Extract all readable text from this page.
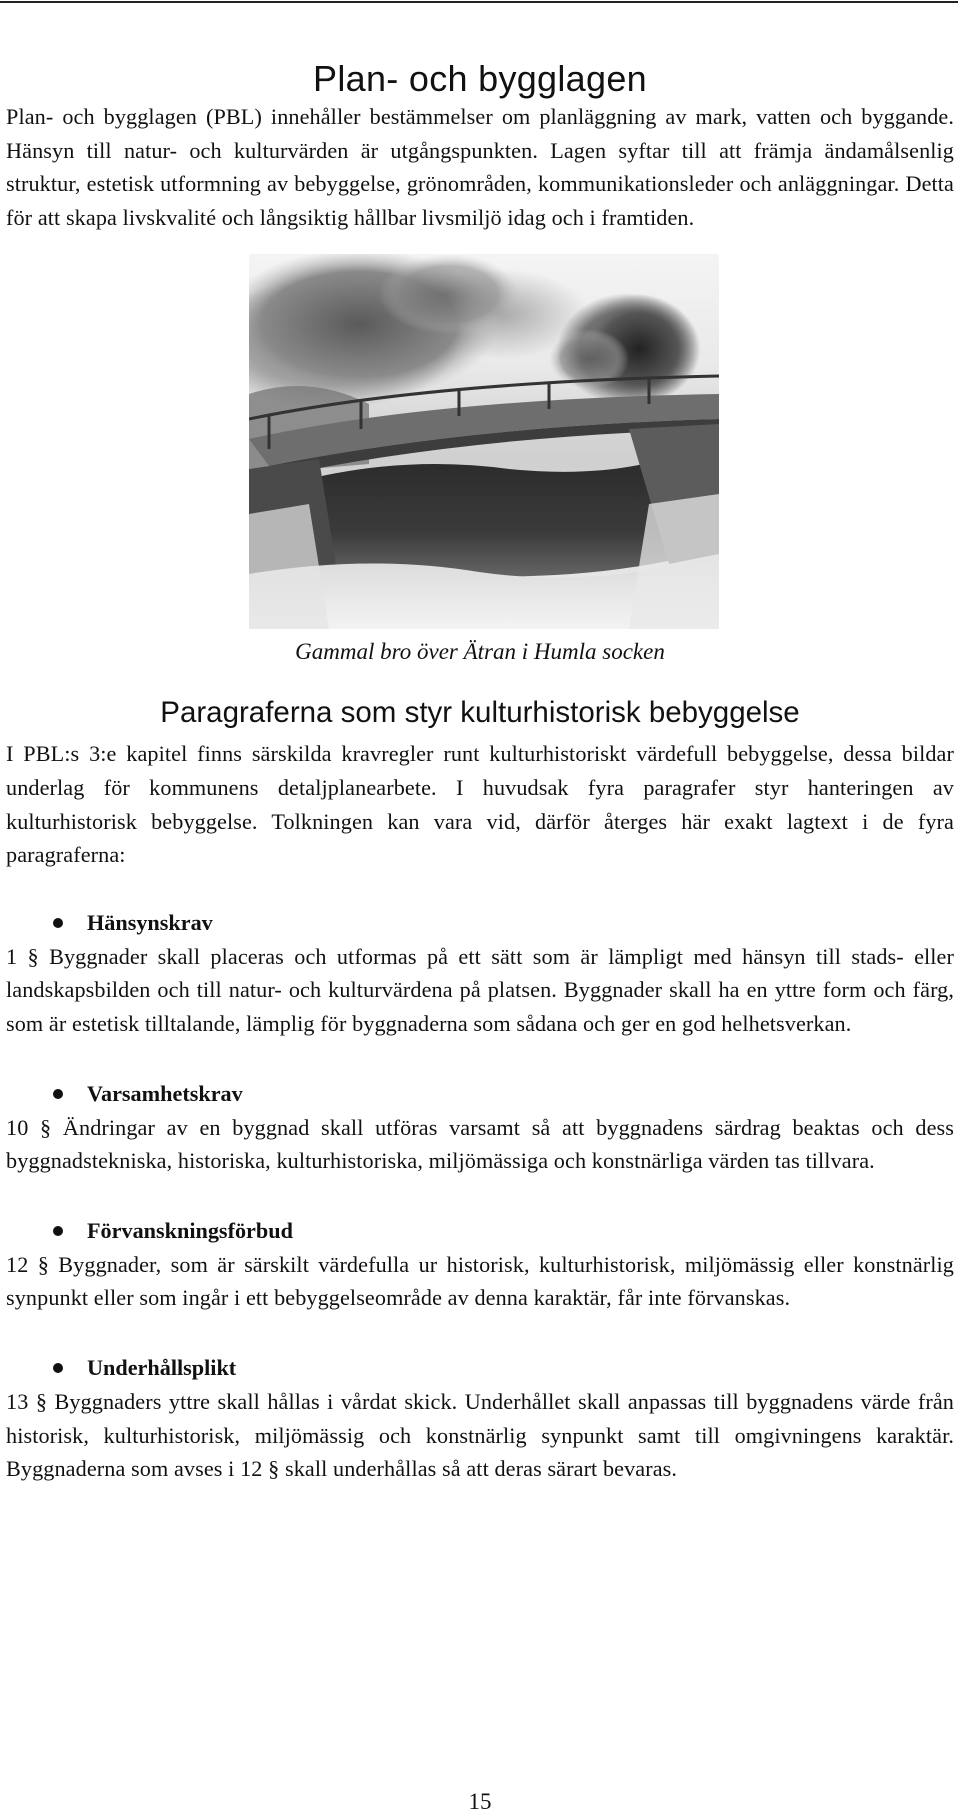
Plan- och bygglagen

Plan- och bygglagen (PBL) innehåller bestämmelser om planläggning av mark, vatten och byggande. Hänsyn till natur- och kulturvärden är utgångspunkten. Lagen syftar till att främja ändamålsenlig struktur, estetisk utformning av bebyggelse, grönområden, kommunikationsleder och anläggningar. Detta för att skapa livskvalité och långsiktig hållbar livsmiljö idag och i framtiden.

Gammal bro över Ätran i Humla socken

Paragraferna som styr kulturhistorisk bebyggelse

I PBL:s 3:e kapitel finns särskilda kravregler runt kulturhistoriskt värdefull bebyggelse, dessa bildar underlag för kommunens detaljplanearbete. I huvudsak fyra paragrafer styr hanteringen av kulturhistorisk bebyggelse. Tolkningen kan vara vid, därför återges här exakt lagtext i de fyra paragraferna:

Hänsynskrav

1 § Byggnader skall placeras och utformas på ett sätt som är lämpligt med hänsyn till stads- eller landskapsbilden och till natur- och kulturvärdena på platsen. Byggnader skall ha en yttre form och färg, som är estetisk tilltalande, lämplig för byggnaderna som sådana och ger en god helhetsverkan.

Varsamhetskrav

10 § Ändringar av en byggnad skall utföras varsamt så att byggnadens särdrag beaktas och dess byggnadstekniska, historiska, kulturhistoriska, miljömässiga och konstnärliga värden tas tillvara.

Förvanskningsförbud

12 § Byggnader, som är särskilt värdefulla ur historisk, kulturhistorisk, miljömässig eller konstnärlig synpunkt eller som ingår i ett bebyggelseområde av denna karaktär, får inte förvanskas.

Underhållsplikt

13 § Byggnaders yttre skall hållas i vårdat skick. Underhållet skall anpassas till byggnadens värde från historisk, kulturhistorisk, miljömässig och konstnärlig synpunkt samt till omgivningens karaktär. Byggnaderna som avses i 12 § skall underhållas så att deras särart bevaras.

15
